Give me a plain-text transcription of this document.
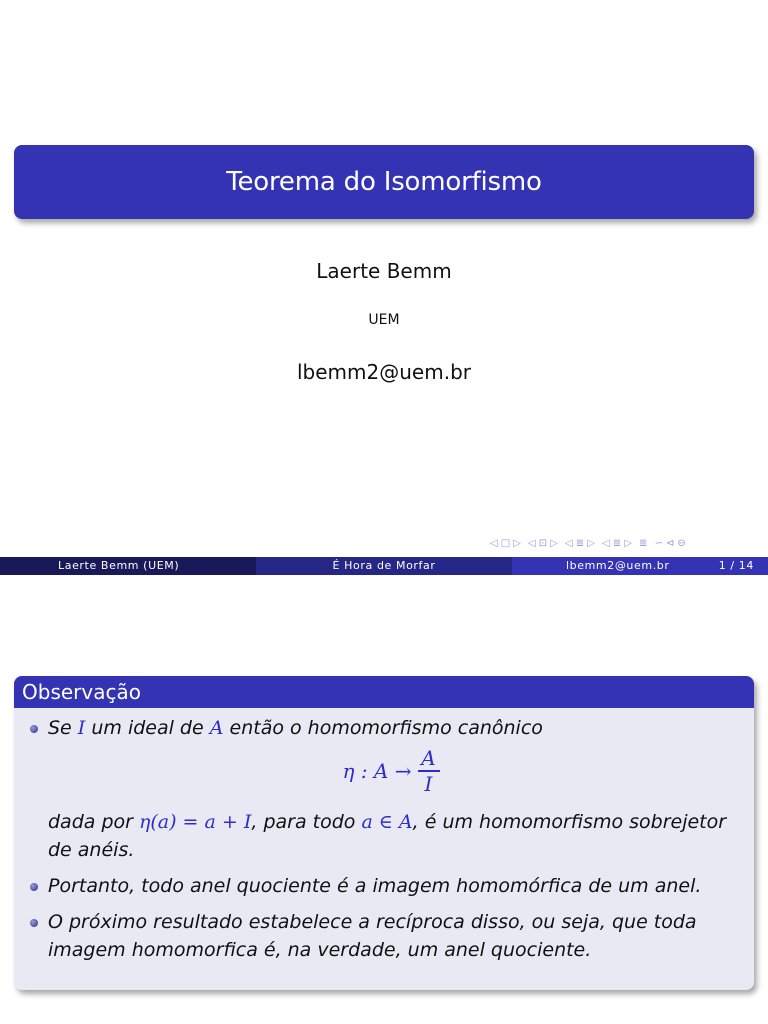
Teorema do Isomorfismo
Laerte Bemm
UEM
lbemm2@uem.br
◁ □ ▷ ◁ ⊡ ▷ ◁ ≣ ▷ ◁ ≣ ▷ ≣ ∽ ⊲ ⊖
Laerte Bemm (UEM)	É Hora de Morfar	lbemm2@uem.br	1 / 14
Observação
Se I um ideal de A então o homomorfismo canônico
η : $A \to \frac{A}{I}$
dada por η(a) = a + I, para todo a ∈ A, é um homomorfismo sobrejetor de anéis.
Portanto, todo anel quociente é a imagem homomórfica de um anel.
O próximo resultado estabelece a recíproca disso, ou seja, que toda imagem homomorfica é, na verdade, um anel quociente.
